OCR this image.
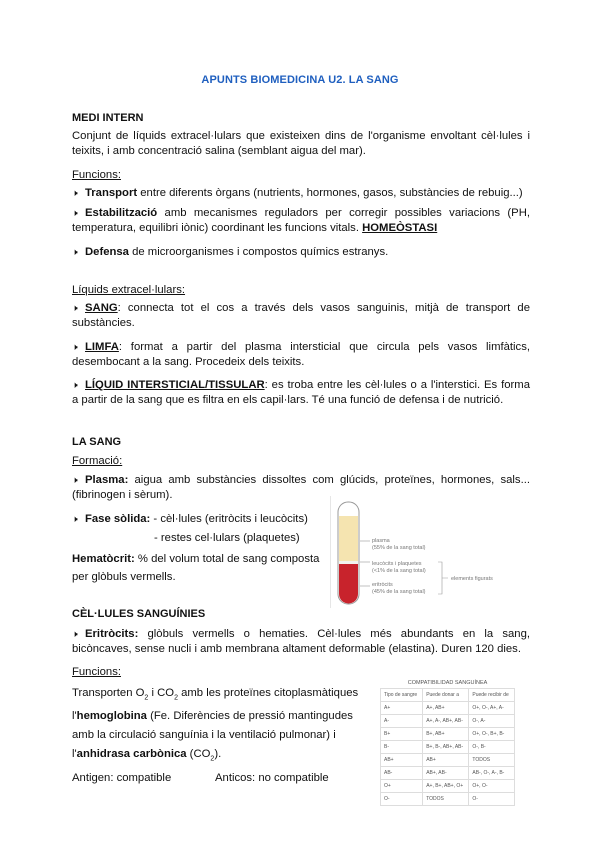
APUNTS BIOMEDICINA U2. LA SANG
MEDI INTERN
Conjunt de líquids extracel·lulars que existeixen dins de l'organisme envoltant cèl·lules i teixits, i amb concentració salina (semblant aigua del mar).
Funcions:
🕨 Transport entre diferents òrgans (nutrients, hormones, gasos, substàncies de rebuig...)
🕨 Estabilització amb mecanismes reguladors per corregir possibles variacions (PH, temperatura, equilibri iònic) coordinant les funcions vitals. HOMEÒSTASI
🕨 Defensa de microorganismes i compostos químics estranys.
Líquids extracel·lulars:
🕨 SANG: connecta tot el cos a través dels vasos sanguinis, mitjà de transport de substàncies.
🕨 LIMFA: format a partir del plasma intersticial que circula pels vasos limfàtics, desembocant a la sang. Procedeix dels teixits.
🕨 LÍQUID INTERSTICIAL/TISSULAR: es troba entre les cèl·lules o a l'interstici. Es forma a partir de la sang que es filtra en els capil·lars. Té una funció de defensa i de nutrició.
LA SANG
Formació:
🕨 Plasma: aigua amb substàncies dissoltes com glúcids, proteïnes, hormones, sals... (fibrinogen i sèrum).
🕨 Fase sòlida: - cèl·lules (eritròcits i leucòcits)
- restes cel·lulars (plaquetes)
Hematòcrit: % del volum total de sang composta per glòbuls vermells.
plasma
(55% de la sang total)
leucòcits i plaquetes
(<1% de la sang total)
eritròcits
(45% de la sang total)
elements figurats
CÈL·LULES SANGUÍNIES
🕨 Eritròcits: glòbuls vermells o hematies. Cèl·lules més abundants en la sang, bicòncaves, sense nucli i amb membrana altament deformable (elastina). Duren 120 dies.
Funcions:
Transporten $O_2$ i $CO_2$ amb les proteïnes citoplasmàtiques
l'hemoglobina (Fe. Diferències de pressió mantingudes
amb la circulació sanguínia i la ventilació pulmonar) i
l'anhidrasa carbònica $(CO_2)$.
Antigen: compatible	Anticos: no compatible
COMPATIBILIDAD SANGUÍNEA
Tipo de sangre	Puede donar a	Puede recibir de
A+	A+, AB+	O+, O-, A+, A-
A-	A+, A-, AB+, AB-	O-, A-
B+	B+, AB+	O+, O-, B+, B-
B-	B+, B-, AB+, AB-	O-, B-
AB+	AB+	TODOS
AB-	AB+, AB-	AB-, O-, A-, B-
O+	A+, B+, AB+, O+	O+, O-
O-	TODOS	O-
